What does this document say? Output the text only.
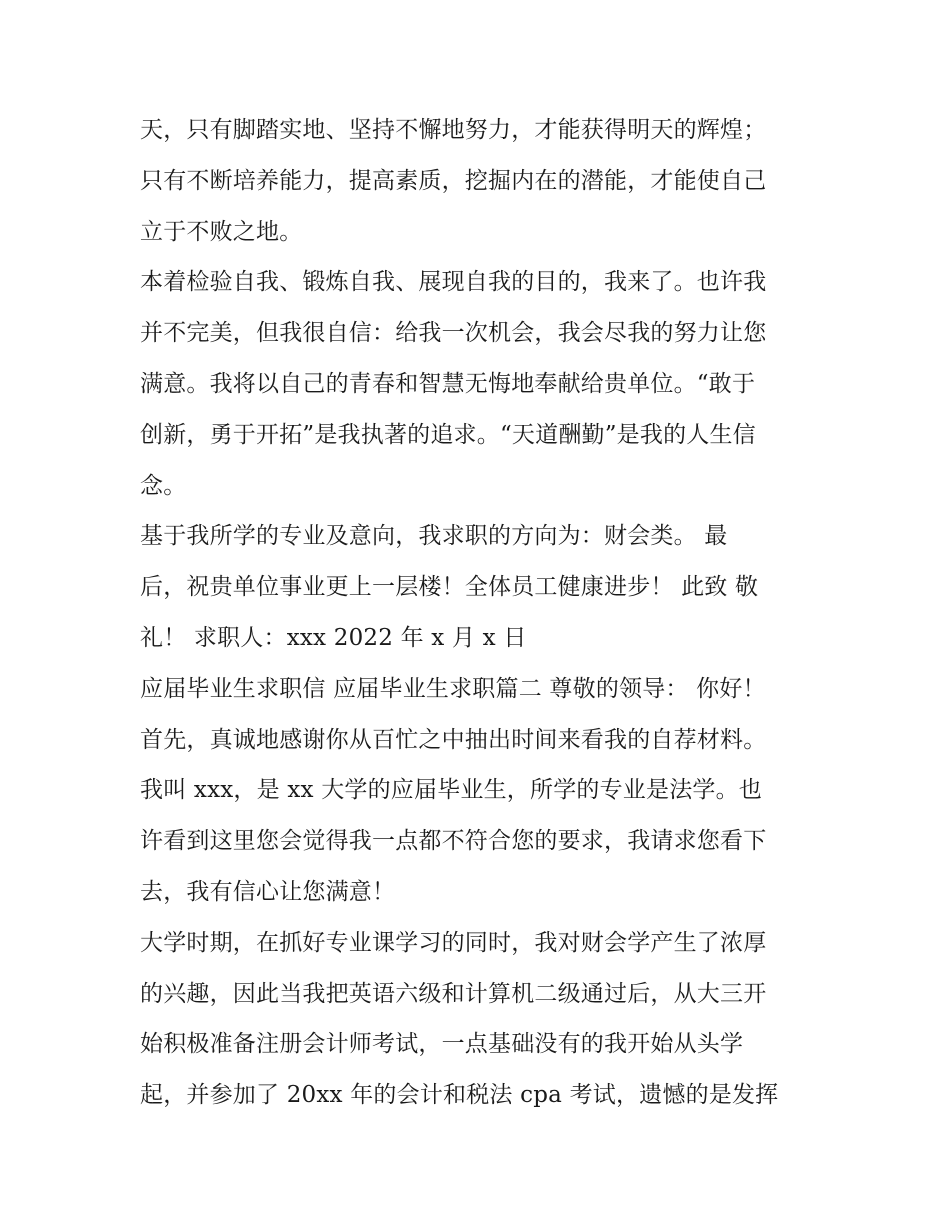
天，只有脚踏实地、坚持不懈地努力，才能获得明天的辉煌；
只有不断培养能力，提高素质，挖掘内在的潜能，才能使自己
立于不败之地。
本着检验自我、锻炼自我、展现自我的目的，我来了。也许我
并不完美，但我很自信：给我一次机会，我会尽我的努力让您
满意。我将以自己的青春和智慧无悔地奉献给贵单位。“敢于
创新，勇于开拓”是我执著的追求。“天道酬勤”是我的人生信
念。
基于我所学的专业及意向，我求职的方向为：财会类。 最
后，祝贵单位事业更上一层楼！全体员工健康进步！ 此致 敬
礼！ 求职人：xxx 2022 年 x 月 x 日
应届毕业生求职信 应届毕业生求职篇二 尊敬的领导： 你好！
首先，真诚地感谢你从百忙之中抽出时间来看我的自荐材料。
我叫 xxx，是 xx 大学的应届毕业生，所学的专业是法学。也
许看到这里您会觉得我一点都不符合您的要求，我请求您看下
去，我有信心让您满意！
大学时期，在抓好专业课学习的同时，我对财会学产生了浓厚
的兴趣，因此当我把英语六级和计算机二级通过后，从大三开
始积极准备注册会计师考试，一点基础没有的我开始从头学
起，并参加了 20xx 年的会计和税法 cpa 考试，遗憾的是发挥
